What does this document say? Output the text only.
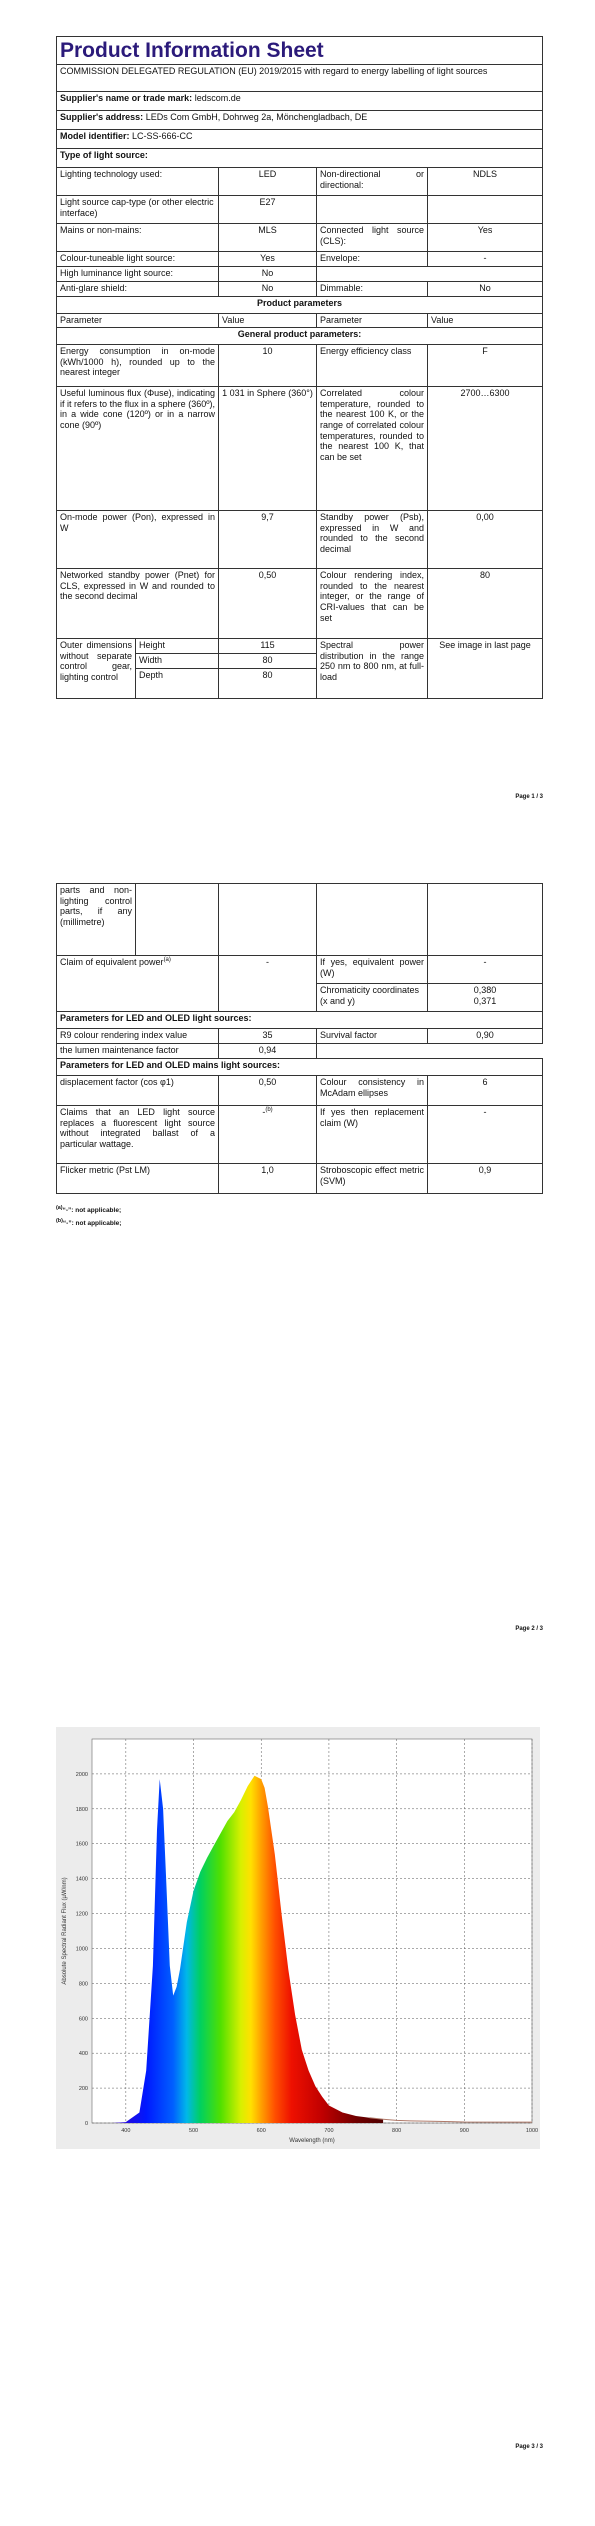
Product Information Sheet				
COMMISSION DELEGATED REGULATION (EU) 2019/2015 with regard to energy labelling of light sources				
Supplier's name or trade mark: ledscom.de				
Supplier's address: LEDs Com GmbH, Dohrweg 2a, Mönchengladbach, DE				
Model identifier: LC-SS-666-CC				
Type of light source:				
Lighting technology used:		LED	Non-directional or directional:	NDLS
Light source cap-type (or other electric interface)		E27		
Mains or non-mains:		MLS	Connected light source (CLS):	Yes
Colour-tuneable light source:		Yes	Envelope:	-
High luminance light source:		No		
Anti-glare shield:		No	Dimmable:	No
Product parameters				
Parameter		Value	Parameter	Value
General product parameters:				
Energy consumption in on-mode (kWh/1000 h), rounded up to the nearest integer		10	Energy efficiency class	F
Useful luminous flux (Φuse), indicating if it refers to the flux in a sphere (360º), in a wide cone (120º) or in a narrow cone (90º)		1 031 in Sphere (360°)	Correlated colour temperature, rounded to the nearest 100 K, or the range of correlated colour temperatures, rounded to the nearest 100 K, that can be set	2700…6300
On-mode power (Pon), expressed in W		9,7	Standby power (Psb), expressed in W and rounded to the second decimal	0,00
Networked standby power (Pnet) for CLS, expressed in W and rounded to the second decimal		0,50	Colour rendering index, rounded to the nearest integer, or the range of CRI-values that can be set	80
Outer dimensions without separate control gear, lighting control	Height	115	Spectral power distribution in the range 250 nm to 800 nm, at full-load	See image in last page
	Width	80		
	Depth	80		
Page 1 / 3
parts and non-lighting control parts, if any (millimetre)				
Claim of equivalent power$^{(a)}$		-	If yes, equivalent power (W)	-
			Chromaticity coordinates (x and y)	0,380
0,371
Parameters for LED and OLED light sources:				
R9 colour rendering index value		35	Survival factor	0,90
the lumen maintenance factor		0,94		
Parameters for LED and OLED mains light sources:				
displacement factor (cos φ1)		0,50	Colour consistency in McAdam ellipses	6
Claims that an LED light source replaces a fluorescent light source without integrated ballast of a particular wattage.		-$^{(b)}$	If yes then replacement claim (W)	-
Flicker metric (Pst LM)		1,0	Stroboscopic effect metric (SVM)	0,9
$^{(a)}$“-”: not applicable;
$^{(b)}$“-”: not applicable;
Page 2 / 3
0
200
400
600
800
1000
1200
1400
1600
1800
2000
400	500	600	700	800	900	1000
Wavelength (nm)
Absolute Spectral Radiant Flux (µW/nm)
Page 3 / 3
